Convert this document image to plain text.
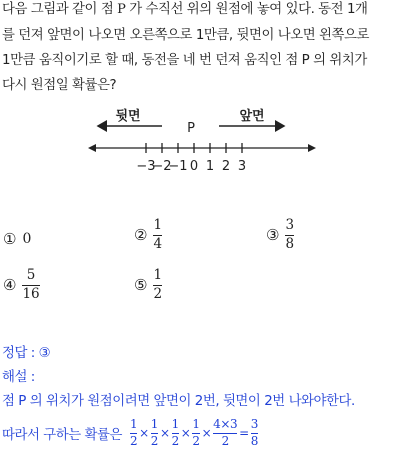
다음 그림과 같이 점 P 가 수직선 위의 원점에 놓여 있다. 동전 1개
를 던져 앞면이 나오면 오른쪽으로 1만큼, 뒷면이 나오면 왼쪽으로
1만큼 움직이기로 할 때, 동전을 네 번 던져 움직인 점 P 의 위치가
다시 원점일 확률은?
뒷면	앞면
P
−3
−2
−1 0 1 2 3
① 0	② $\frac{1}{4}$	③ $\frac{3}{8}$
④ $\frac{5}{16}$	⑤ $\frac{1}{2}$
정답 : ③
해설 :
점 P 의 위치가 원점이려면 앞면이 2번, 뒷면이 2번 나와야한다.
따라서 구하는 확률은 $\frac{1}{2} \times \frac{1}{2} \times \frac{1}{2} \times \frac{1}{2} \times \frac{4\times 3}{2} = \frac{3}{8}$
